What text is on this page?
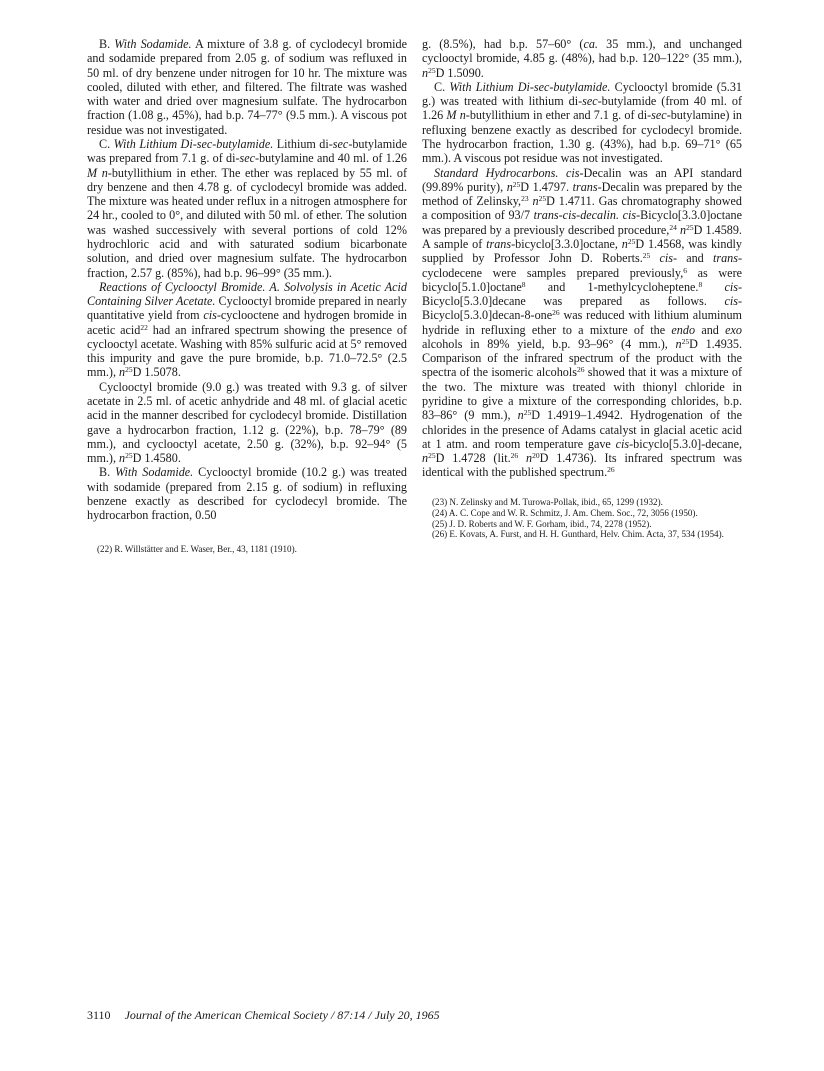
B. With Sodamide. A mixture of 3.8 g. of cyclodecyl bromide and sodamide prepared from 2.05 g. of sodium was refluxed in 50 ml. of dry benzene under nitrogen for 10 hr. The mixture was cooled, diluted with ether, and filtered. The filtrate was washed with water and dried over magnesium sulfate. The hydrocarbon fraction (1.08 g., 45%), had b.p. 74–77° (9.5 mm.). A viscous pot residue was not investigated.

C. With Lithium Di-sec-butylamide. Lithium di-sec-butylamide was prepared from 7.1 g. of di-sec-butylamine and 40 ml. of 1.26 M n-butyllithium in ether. The ether was replaced by 55 ml. of dry benzene and then 4.78 g. of cyclodecyl bromide was added. The mixture was heated under reflux in a nitrogen atmosphere for 24 hr., cooled to 0°, and diluted with 50 ml. of ether. The solution was washed successively with several portions of cold 12% hydrochloric acid and with saturated sodium bicarbonate solution, and dried over magnesium sulfate. The hydrocarbon fraction, 2.57 g. (85%), had b.p. 96–99° (35 mm.).

Reactions of Cyclooctyl Bromide. A. Solvolysis in Acetic Acid Containing Silver Acetate. Cyclooctyl bromide prepared in nearly quantitative yield from cis-cyclooctene and hydrogen bromide in acetic acid$^{22}$ had an infrared spectrum showing the presence of cyclooctyl acetate. Washing with 85% sulfuric acid at 5° removed this impurity and gave the pure bromide, b.p. 71.0–72.5° (2.5 mm.), $n^{25}D$ 1.5078.

Cyclooctyl bromide (9.0 g.) was treated with 9.3 g. of silver acetate in 2.5 ml. of acetic anhydride and 48 ml. of glacial acetic acid in the manner described for cyclodecyl bromide. Distillation gave a hydrocarbon fraction, 1.12 g. (22%), b.p. 78–79° (89 mm.), and cyclooctyl acetate, 2.50 g. (32%), b.p. 92–94° (5 mm.), $n^{25}D$ 1.4580.

B. With Sodamide. Cyclooctyl bromide (10.2 g.) was treated with sodamide (prepared from 2.15 g. of sodium) in refluxing benzene exactly as described for cyclodecyl bromide. The hydrocarbon fraction, 0.50

(22) R. Willstätter and E. Waser, Ber., 43, 1181 (1910).

g. (8.5%), had b.p. 57–60° (ca. 35 mm.), and unchanged cyclooctyl bromide, 4.85 g. (48%), had b.p. 120–122° (35 mm.), $n^{25}D$ 1.5090.

C. With Lithium Di-sec-butylamide. Cyclooctyl bromide (5.31 g.) was treated with lithium di-sec-butylamide (from 40 ml. of 1.26 M n-butyllithium in ether and 7.1 g. of di-sec-butylamine) in refluxing benzene exactly as described for cyclodecyl bromide. The hydrocarbon fraction, 1.30 g. (43%), had b.p. 69–71° (65 mm.). A viscous pot residue was not investigated.

Standard Hydrocarbons. cis-Decalin was an API standard (99.89% purity), $n^{25}D$ 1.4797. trans-Decalin was prepared by the method of Zelinsky,$^{23}$ $n^{25}D$ 1.4711. Gas chromatography showed a composition of 93/7 trans-cis-decalin. cis-Bicyclo[3.3.0]octane was prepared by a previously described procedure,$^{24}$ $n^{25}D$ 1.4589. A sample of trans-bicyclo[3.3.0]octane, $n^{25}D$ 1.4568, was kindly supplied by Professor John D. Roberts.$^{25}$ cis- and trans-cyclodecene were samples prepared previously,$^6$ as were bicyclo[5.1.0]octane$^8$ and 1-methylcycloheptene.$^8$ cis-Bicyclo[5.3.0]decane was prepared as follows. cis-Bicyclo[5.3.0]decan-8-one$^{26}$ was reduced with lithium aluminum hydride in refluxing ether to a mixture of the endo and exo alcohols in 89% yield, b.p. 93–96° (4 mm.), $n^{25}D$ 1.4935. Comparison of the infrared spectrum of the product with the spectra of the isomeric alcohols$^{26}$ showed that it was a mixture of the two. The mixture was treated with thionyl chloride in pyridine to give a mixture of the corresponding chlorides, b.p. 83–86° (9 mm.), $n^{25}D$ 1.4919–1.4942. Hydrogenation of the chlorides in the presence of Adams catalyst in glacial acetic acid at 1 atm. and room temperature gave cis-bicyclo[5.3.0]-decane, $n^{25}D$ 1.4728 (lit.$^{26}$ $n^{20}D$ 1.4736). Its infrared spectrum was identical with the published spectrum.$^{26}$

(23) N. Zelinsky and M. Turowa-Pollak, ibid., 65, 1299 (1932).

(24) A. C. Cope and W. R. Schmitz, J. Am. Chem. Soc., 72, 3056 (1950).

(25) J. D. Roberts and W. F. Gorham, ibid., 74, 2278 (1952).

(26) E. Kovats, A. Furst, and H. H. Gunthard, Helv. Chim. Acta, 37, 534 (1954).

3110 Journal of the American Chemical Society / 87:14 / July 20, 1965
